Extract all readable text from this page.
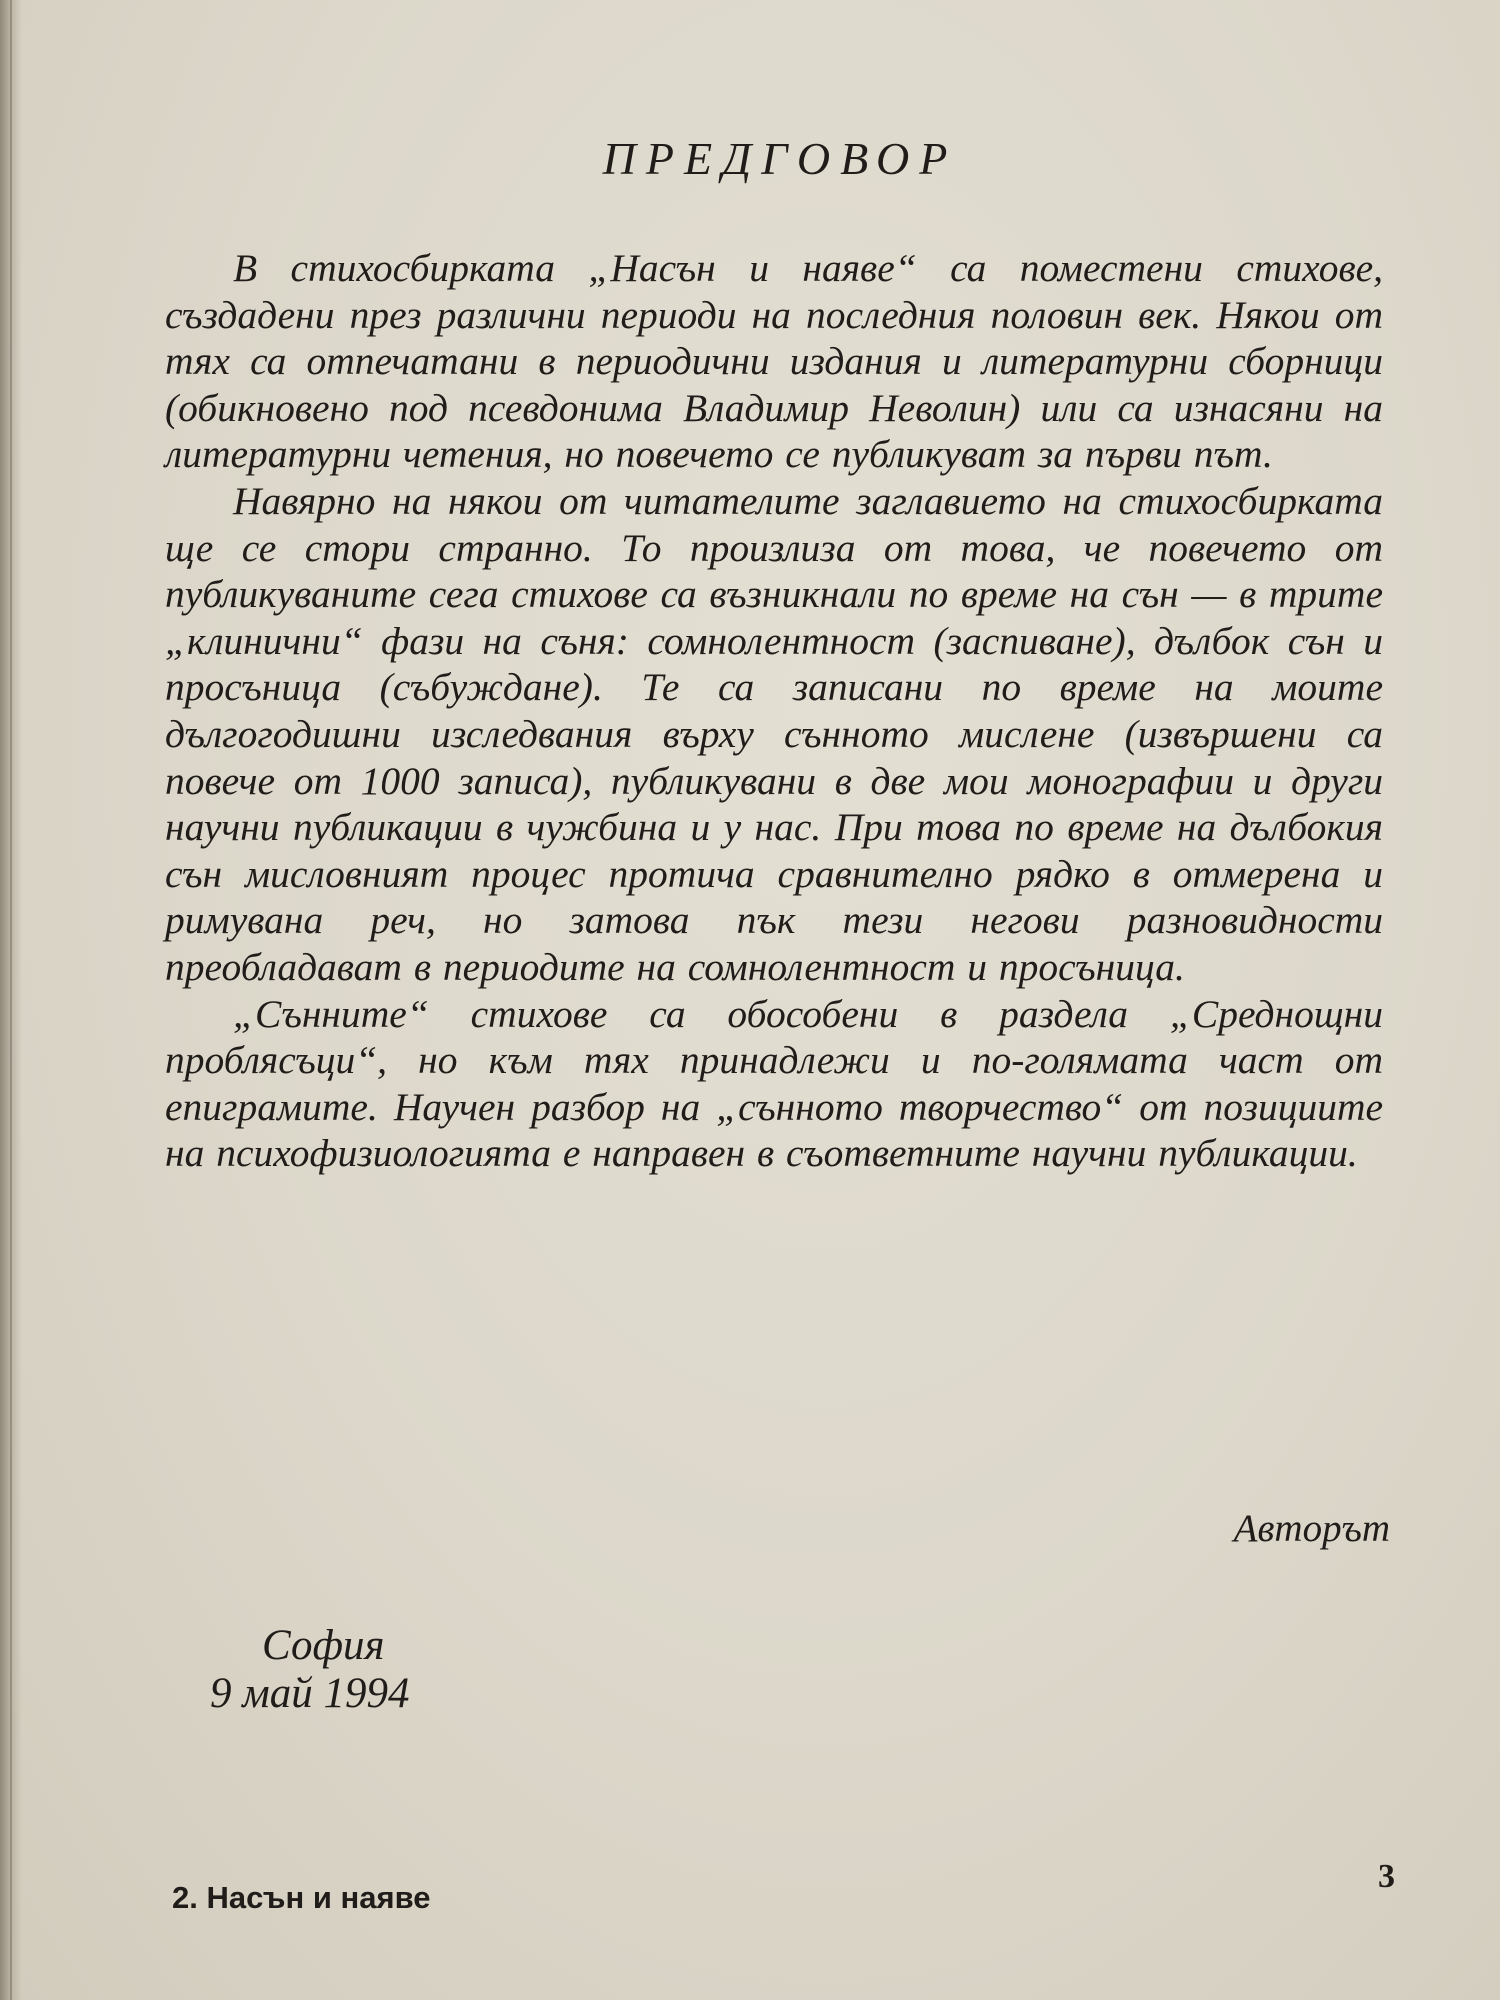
ПРЕДГОВОР

В стихосбирката „Насън и наяве“ са поместени стихове, създадени през различни периоди на последния половин век. Някои от тях са отпечатани в периодични издания и литературни сборници (обикновено под псевдонима Владимир Неволин) или са изнасяни на литературни четения, но повечето се публикуват за първи път.

Навярно на някои от читателите заглавието на стихосбирката ще се стори странно. То произлиза от това, че повечето от публикуваните сега стихове са възникнали по време на сън — в трите „клинични“ фази на съня: сомнолентност (заспиване), дълбок сън и просъница (събуждане). Те са записани по време на моите дългогодишни изследвания върху сънното мислене (извършени са повече от 1000 записа), публикувани в две мои монографии и други научни публикации в чужбина и у нас. При това по време на дълбокия сън мисловният процес протича сравнително рядко в отмерена и римувана реч, но затова пък тези негови разновидности преобладават в периодите на сомнолентност и просъница.

„Сънните“ стихове са обособени в раздела „Среднощни проблясъци“, но към тях принадлежи и по-голямата част от епиграмите. Научен разбор на „сънното творчество“ от позициите на психофизиологията е направен в съответните научни публикации.

Авторът
София
9 май 1994
2. Насън и наяве
3
